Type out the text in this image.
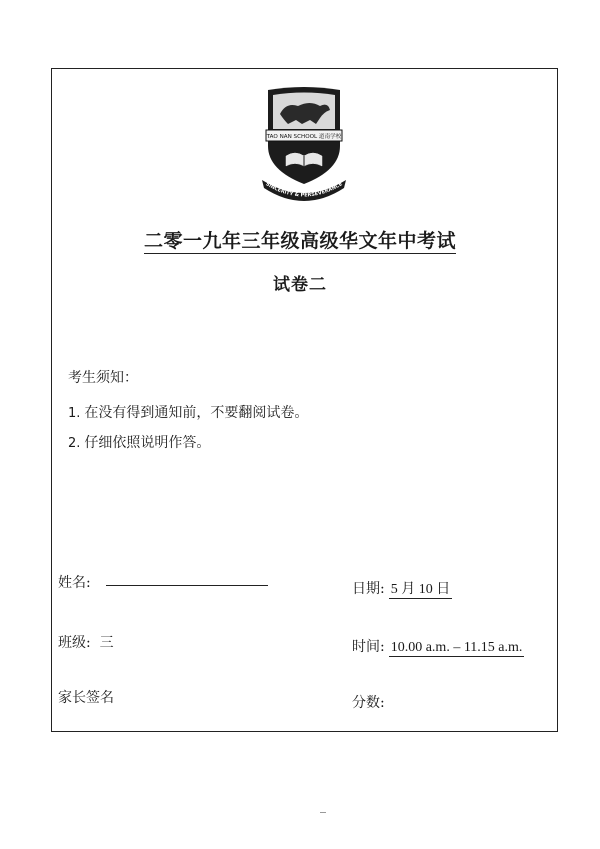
TAO NAN SCHOOL 道南学校
SINCERITY & PERSEVERANCE
二零一九年三年级高级华文年中考试
试卷二
考生须知：
1. 在没有得到通知前，不要翻阅试卷。
2. 仔细依照说明作答。
姓名:	日期: 5 月 10 日
班级: 三	时间: 10.00 a.m. – 11.15 a.m.
家长签名	分数:
